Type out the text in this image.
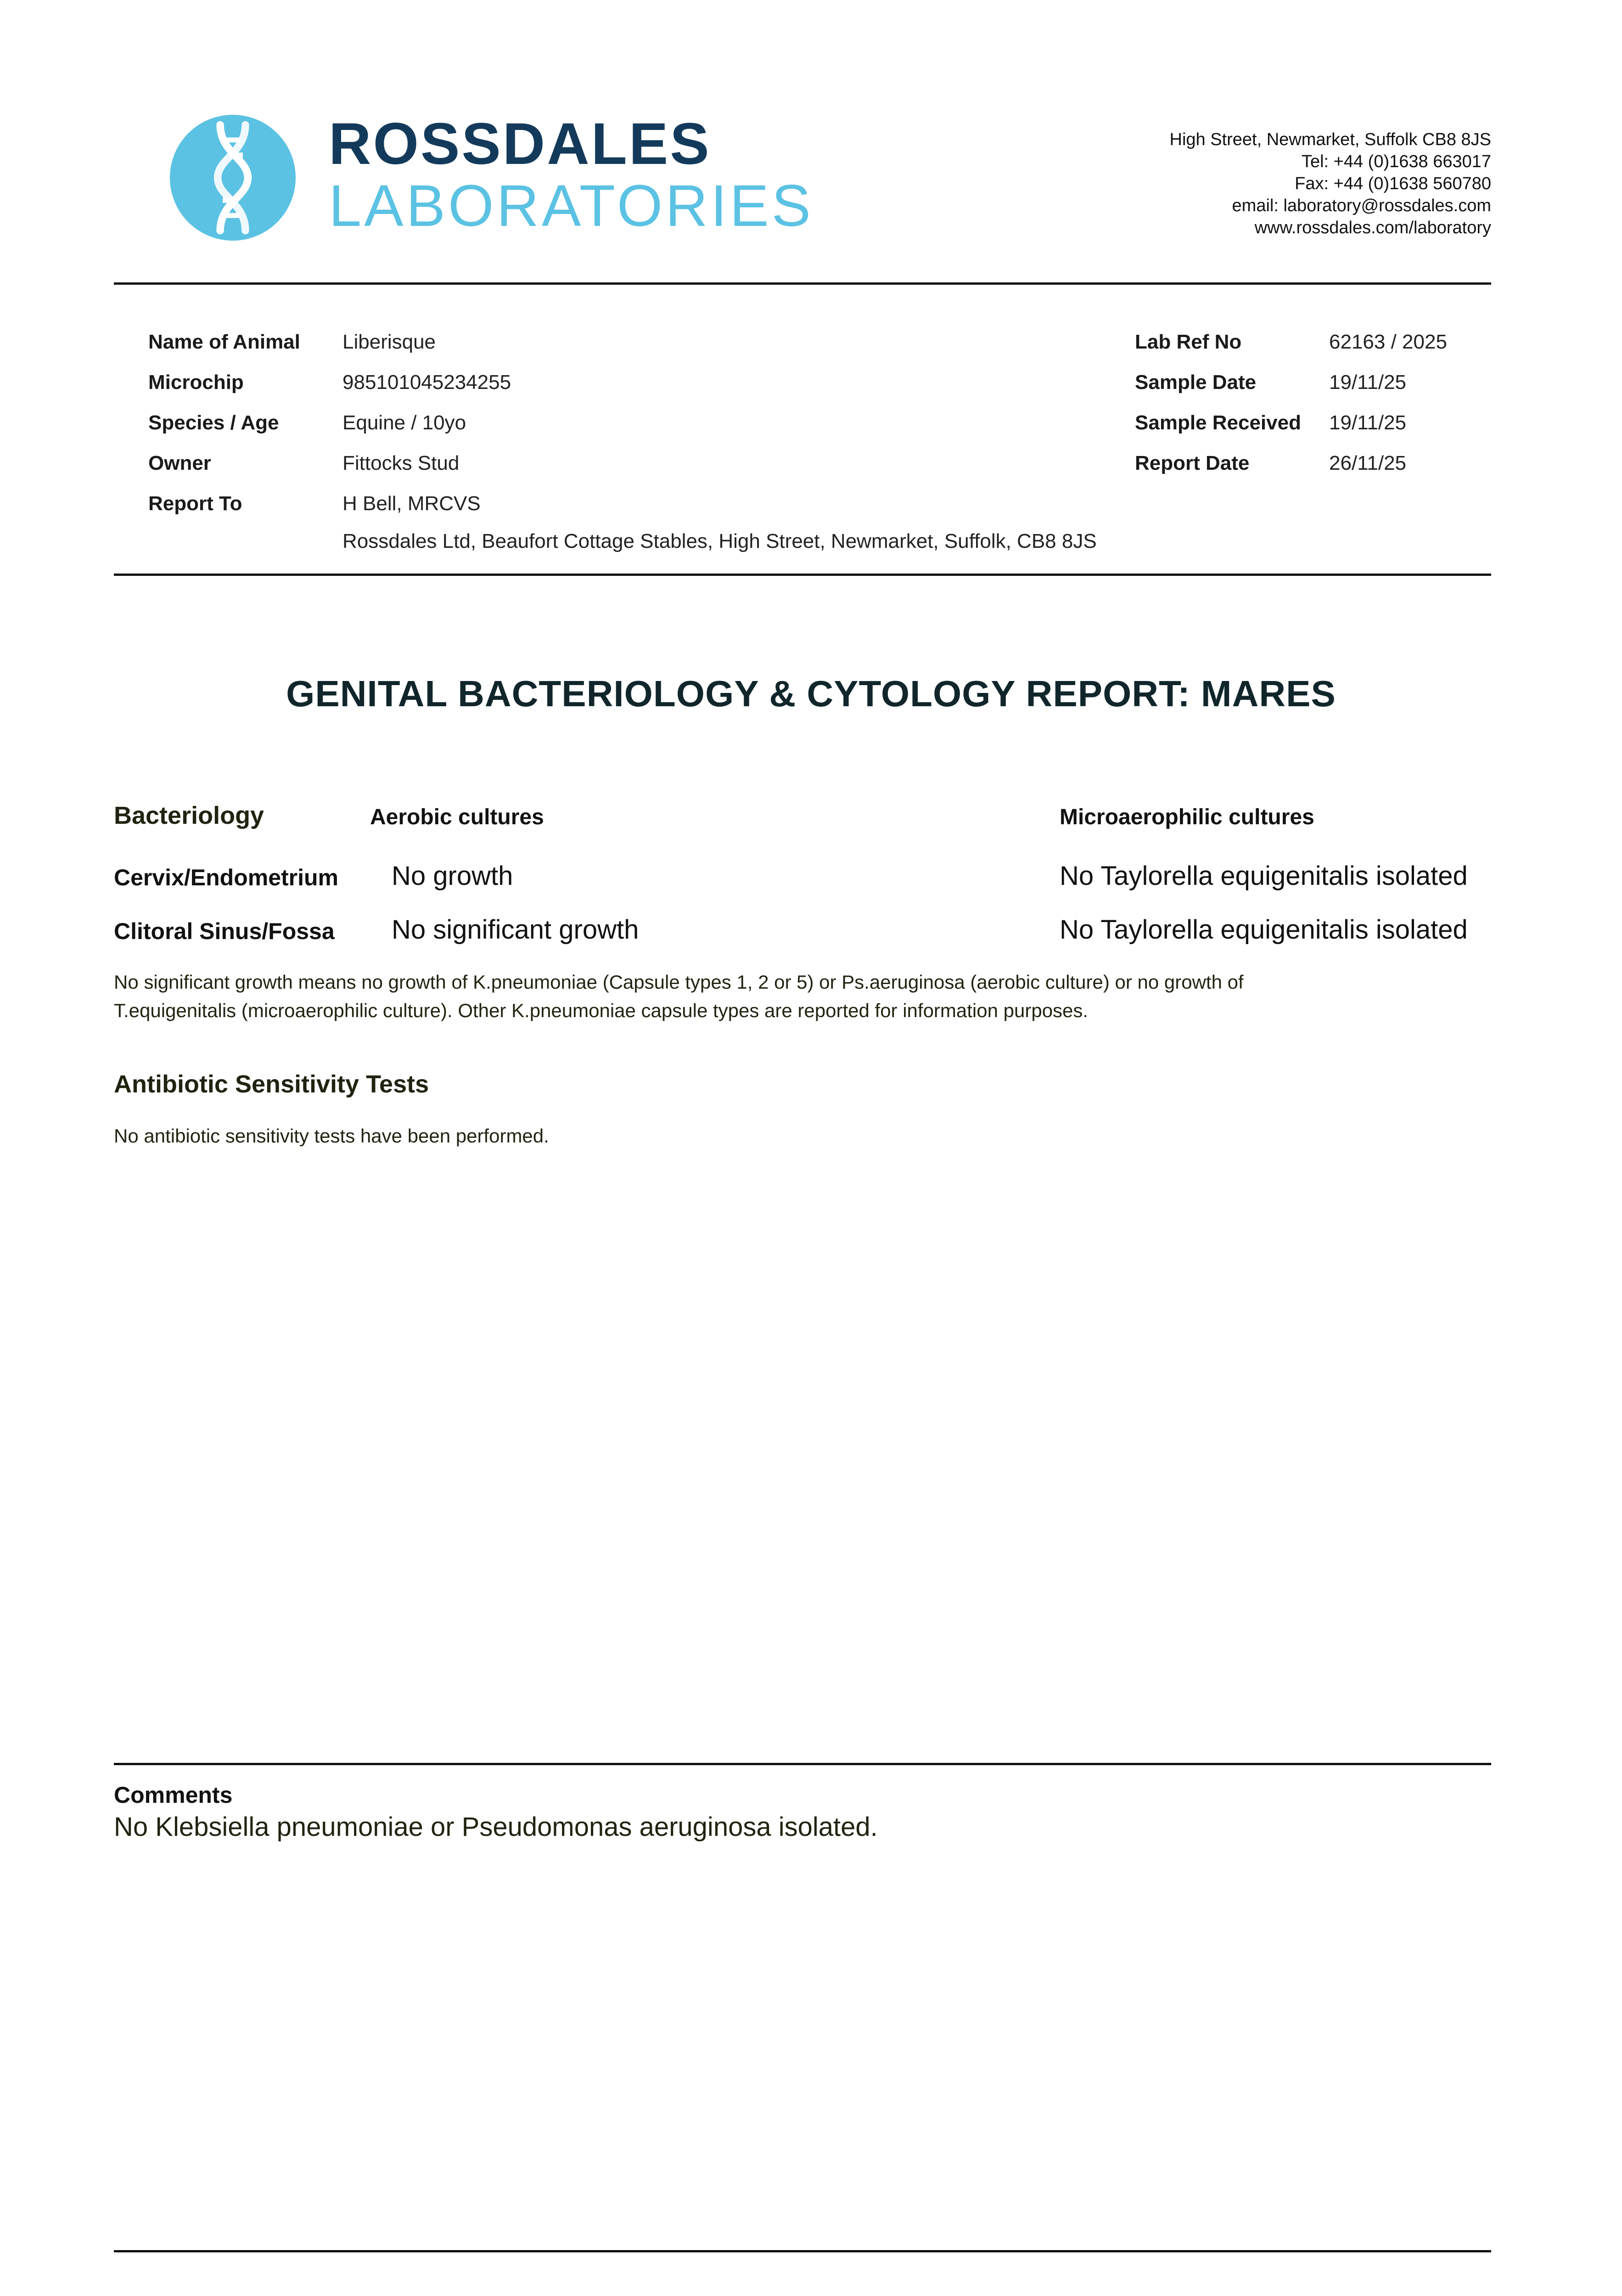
ROSSDALES
LABORATORIES
High Street, Newmarket, Suffolk CB8 8JS
Tel: +44 (0)1638 663017
Fax: +44 (0)1638 560780
email: laboratory@rossdales.com
www.rossdales.com/laboratory
Name of Animal Liberisque
Microchip	985101045234255
Species / Age	Equine / 10yo
Owner	Fittocks Stud
Report To	H Bell, MRCVS
Rossdales Ltd, Beaufort Cottage Stables, High Street, Newmarket, Suffolk, CB8 8JS
Lab Ref No	62163 / 2025
Sample Date	19/11/25
Sample Received 19/11/25
Report Date	26/11/25
GENITAL BACTERIOLOGY & CYTOLOGY REPORT: MARES
Bacteriology	Aerobic cultures	Microaerophilic cultures
Cervix/Endometrium No growth	No Taylorella equigenitalis isolated
Clitoral Sinus/Fossa No significant growth	No Taylorella equigenitalis isolated
No significant growth means no growth of K.pneumoniae (Capsule types 1, 2 or 5) or Ps.aeruginosa (aerobic culture) or no growth of
T.equigenitalis (microaerophilic culture). Other K.pneumoniae capsule types are reported for information purposes.
Antibiotic Sensitivity Tests
No antibiotic sensitivity tests have been performed.
Comments
No Klebsiella pneumoniae or Pseudomonas aeruginosa isolated.
